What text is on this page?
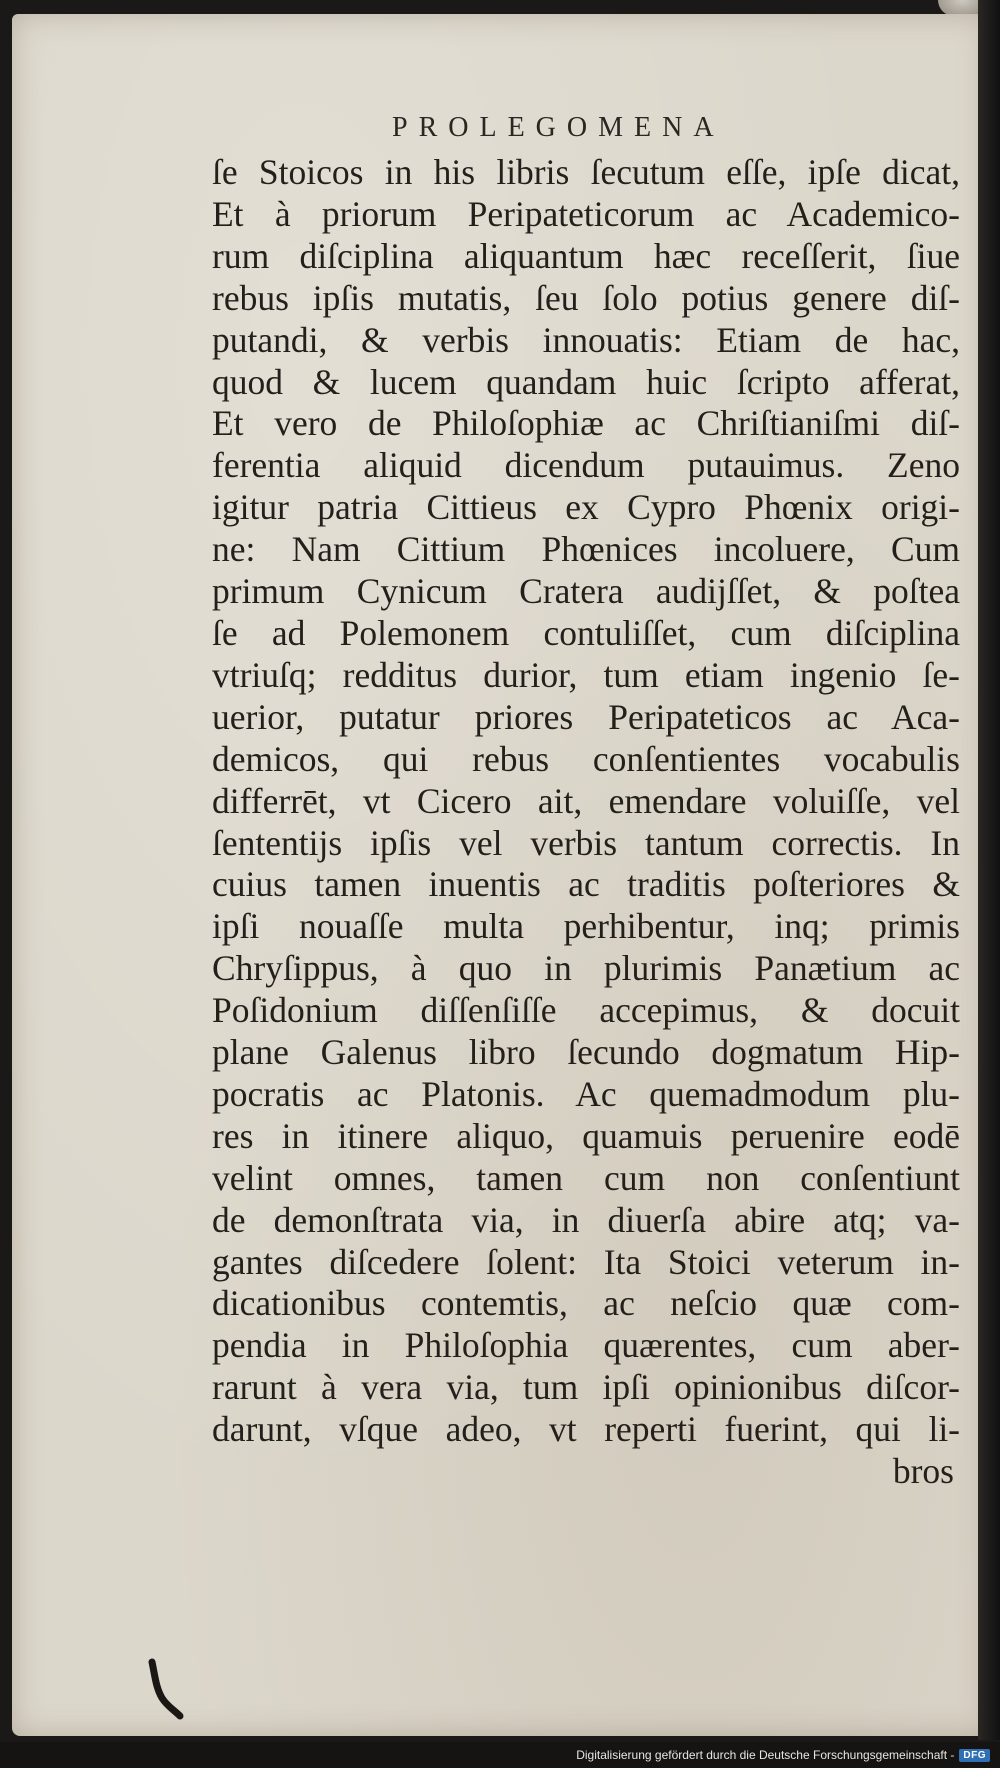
PROLEGOMENA
ſe Stoicos in his libris ſecutum eſſe, ipſe dicat,
Et à priorum Peripateticorum ac Academico-
rum diſciplina aliquantum hæc receſſerit, ſiue
rebus ipſis mutatis, ſeu ſolo potius genere diſ-
putandi, & verbis innouatis: Etiam de hac,
quod & lucem quandam huic ſcripto afferat,
Et vero de Philoſophiæ ac Chriſtianiſmi diſ-
ferentia aliquid dicendum putauimus. Zeno
igitur patria Cittieus ex Cypro Phœnix origi-
ne: Nam Cittium Phœnices incoluere, Cum
primum Cynicum Cratera audijſſet, & poſtea
ſe ad Polemonem contuliſſet, cum diſciplina
vtriuſq; redditus durior, tum etiam ingenio ſe-
uerior, putatur priores Peripateticos ac Aca-
demicos, qui rebus conſentientes vocabulis
differrēt, vt Cicero ait, emendare voluiſſe, vel
ſententijs ipſis vel verbis tantum correctis. In
cuius tamen inuentis ac traditis poſteriores &
ipſi nouaſſe multa perhibentur, inq; primis
Chryſippus, à quo in plurimis Panætium ac
Poſidonium diſſenſiſſe accepimus, & docuit
plane Galenus libro ſecundo dogmatum Hip-
pocratis ac Platonis. Ac quemadmodum plu-
res in itinere aliquo, quamuis peruenire eodē
velint omnes, tamen cum non conſentiunt
de demonſtrata via, in diuerſa abire atq; va-
gantes diſcedere ſolent: Ita Stoici veterum in-
dicationibus contemtis, ac neſcio quæ com-
pendia in Philoſophia quærentes, cum aber-
rarunt à vera via, tum ipſi opinionibus diſcor-
darunt, vſque adeo, vt reperti fuerint, qui li-
bros
Digitalisierung gefördert durch die Deutsche Forschungsgemeinschaft - DFG
